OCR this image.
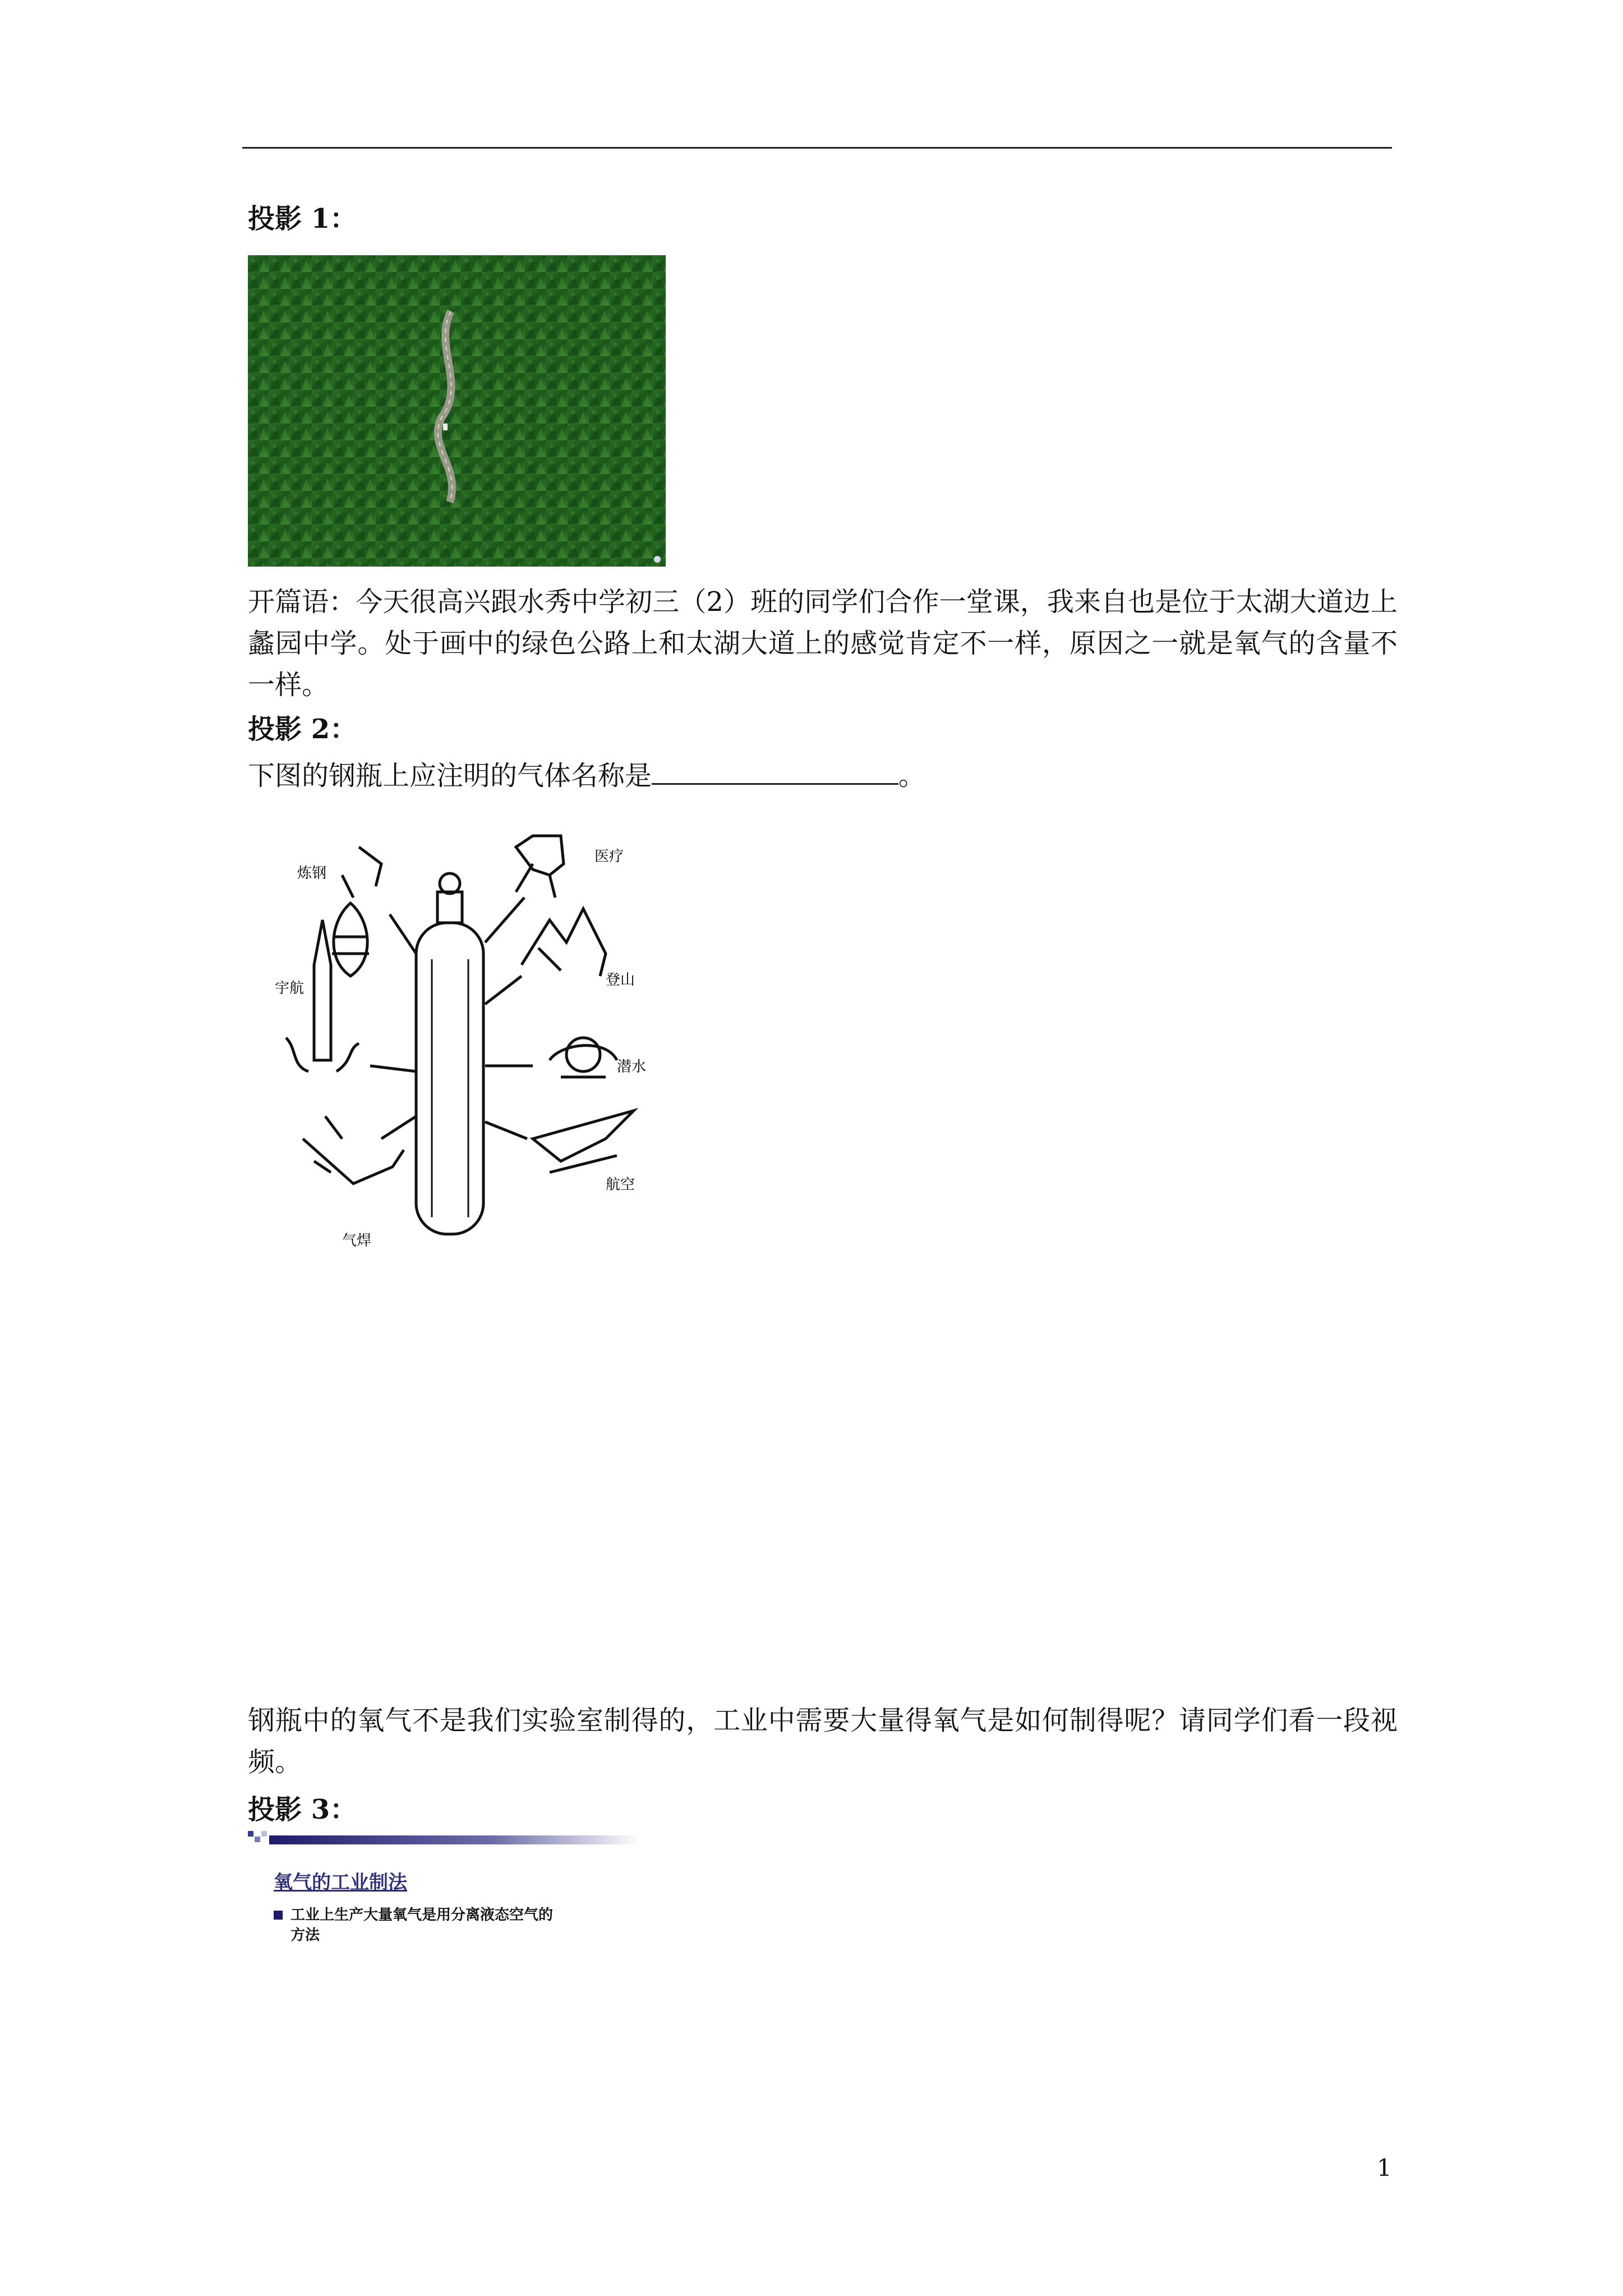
投影 1：
开篇语：今天很高兴跟水秀中学初三（2）班的同学们合作一堂课，我来自也是位于太湖大道边上蠡园中学。处于画中的绿色公路上和太湖大道上的感觉肯定不一样，原因之一就是氧气的含量不一样。
投影 2：
下图的钢瓶上应注明的气体名称是	。
炼钢
医疗
登山
宇航
潜水
航空
气焊
钢瓶中的氧气不是我们实验室制得的，工业中需要大量得氧气是如何制得呢？请同学们看一段视频。
投影 3：
氧气的工业制法
工业上生产大量氧气是用分离液态空气的
方法
1
